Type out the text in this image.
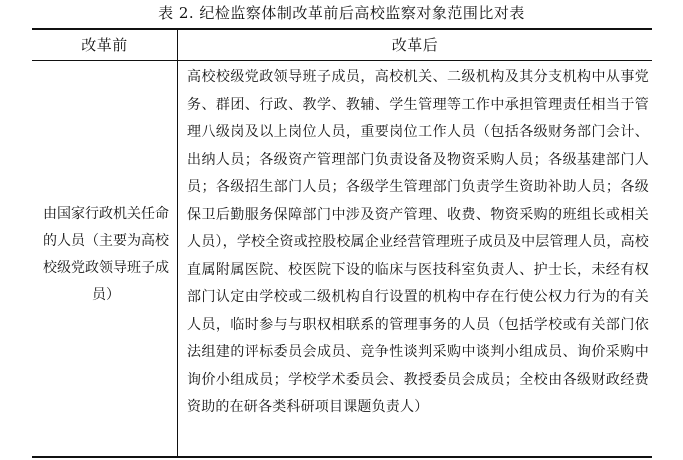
表 2. 纪检监察体制改革前后高校监察对象范围比对表
改革前	改革后
由国家行政机关任命的人员（主要为高校校级党政领导班子成员）
高校校级党政领导班子成员，高校机关、二级机构及其分支机构中从事党务、群团、行政、教学、教辅、学生管理等工作中承担管理责任相当于管理八级岗及以上岗位人员，重要岗位工作人员（包括各级财务部门会计、出纳人员；各级资产管理部门负责设备及物资采购人员；各级基建部门人员；各级招生部门人员；各级学生管理部门负责学生资助补助人员；各级保卫后勤服务保障部门中涉及资产管理、收费、物资采购的班组长或相关人员），学校全资或控股校属企业经营管理班子成员及中层管理人员，高校直属附属医院、校医院下设的临床与医技科室负责人、护士长，未经有权部门认定由学校或二级机构自行设置的机构中存在行使公权力行为的有关人员，临时参与与职权相联系的管理事务的人员（包括学校或有关部门依法组建的评标委员会成员、竞争性谈判采购中谈判小组成员、询价采购中询价小组成员；学校学术委员会、教授委员会成员；全校由各级财政经费资助的在研各类科研项目课题负责人）
